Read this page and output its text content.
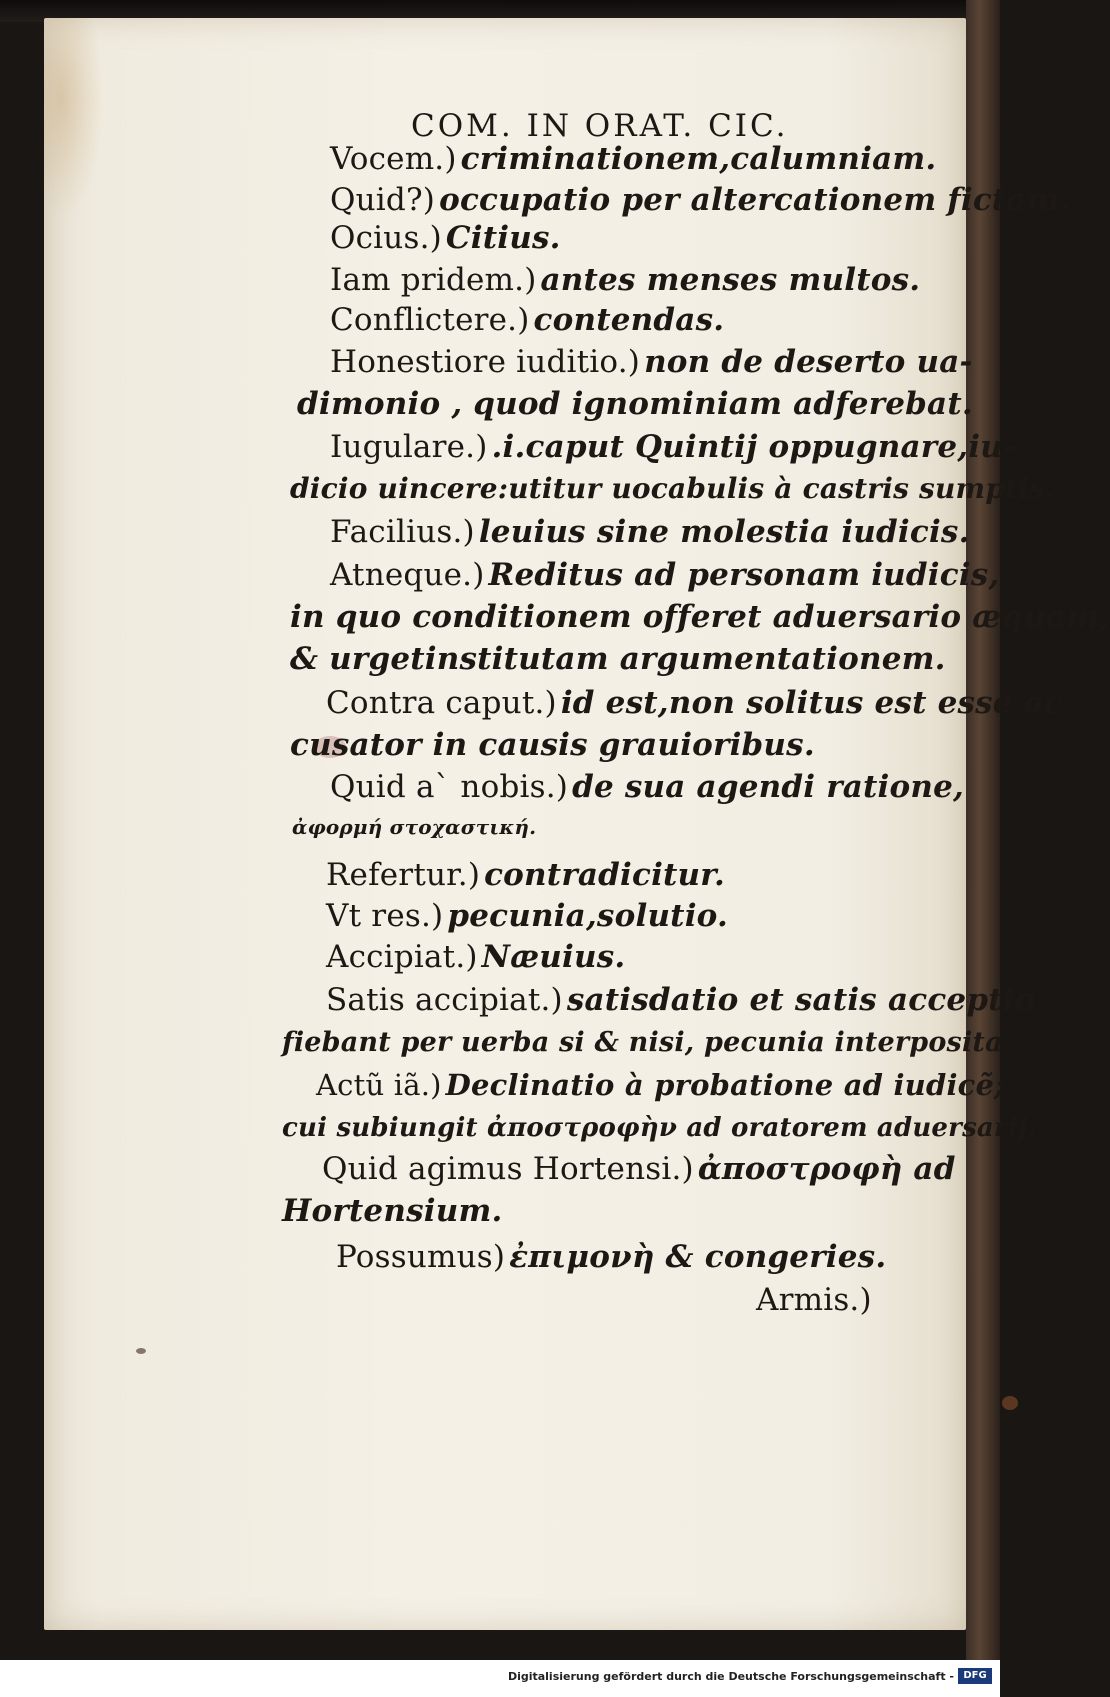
COM. IN ORAT. CIC.
Vocem.) criminationem,calumniam.
Quid?) occupatio per altercationem fictam.
Ocius.) Citius.
Iam pridem.) antes menses multos.
Conflictere.) contendas.
Honestiore iuditio.) non de deserto ua-
dimonio , quod ignominiam adferebat.
Iugulare.) .i.caput Quintij oppugnare,iu-
dicio uincere:utitur uocabulis à castris sumptis.
Facilius.) leuius sine molestia iudicis.
Atneque.) Reditus ad personam iudicis,
in quo conditionem offeret aduersario æquam,
& urgetinstitutam argumentationem.
Contra caput.) id est,non solitus est esse ac
cusator in causis grauioribus.
Quid a` nobis.) de sua agendi ratione,
ἀφορμή στοχαστική.
Refertur.) contradicitur.
Vt res.) pecunia,solutio.
Accipiat.) Næuius.
Satis accipiat.) satisdatio et satis acceptio
fiebant per uerba si & nisi, pecunia interposita.
Actũ iã.) Declinatio à probatione ad iudicẽ;
cui subiungit ἀποστροφὴν ad oratorem aduersarij.
Quid agimus Hortensi.) ἀποστροφὴ ad
Hortensium.
Possumus) ἐπιμονὴ & congeries.
Armis.)
Digitalisierung gefördert durch die Deutsche Forschungsgemeinschaft - DFG
